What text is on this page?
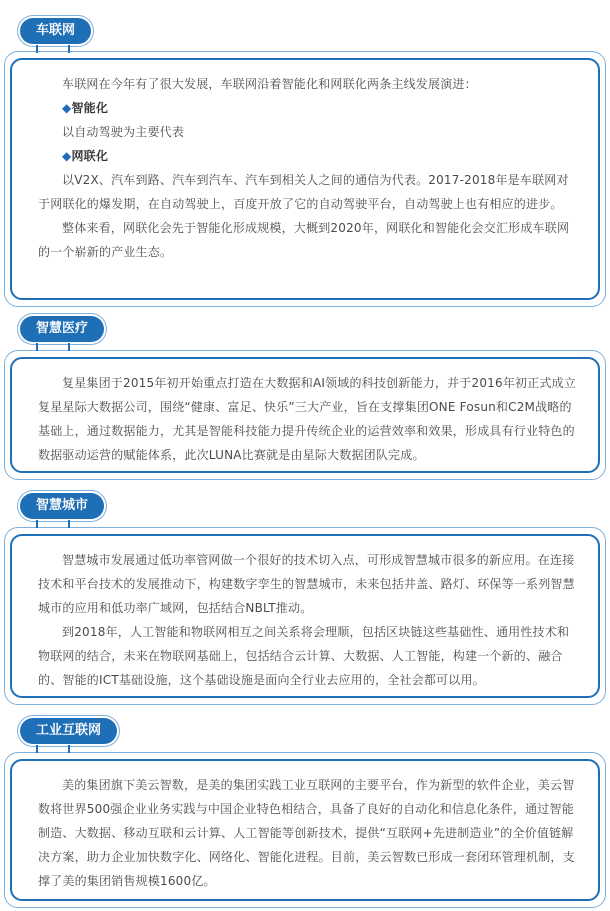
车联网

车联网在今年有了很大发展，车联网沿着智能化和网联化两条主线发展演进：

◆智能化

以自动驾驶为主要代表

◆网联化

以V2X、汽车到路、汽车到汽车、汽车到相关人之间的通信为代表。2017-2018年是车联网对于网联化的爆发期，在自动驾驶上，百度开放了它的自动驾驶平台，自动驾驶上也有相应的进步。

整体来看，网联化会先于智能化形成规模，大概到2020年，网联化和智能化会交汇形成车联网的一个崭新的产业生态。

智慧医疗

复星集团于2015年初开始重点打造在大数据和AI领域的科技创新能力，并于2016年初正式成立复星星际大数据公司，围绕“健康、富足、快乐”三大产业，旨在支撑集团ONE Fosun和C2M战略的基础上，通过数据能力，尤其是智能科技能力提升传统企业的运营效率和效果，形成具有行业特色的数据驱动运营的赋能体系，此次LUNA比赛就是由星际大数据团队完成。

智慧城市

智慧城市发展通过低功率管网做一个很好的技术切入点，可形成智慧城市很多的新应用。在连接技术和平台技术的发展推动下，构建数字孪生的智慧城市，未来包括井盖、路灯、环保等一系列智慧城市的应用和低功率广域网，包括结合NBLT推动。

到2018年，人工智能和物联网相互之间关系将会理顺，包括区块链这些基础性、通用性技术和物联网的结合，未来在物联网基础上，包括结合云计算、大数据、人工智能，构建一个新的、融合的、智能的ICT基础设施，这个基础设施是面向全行业去应用的，全社会都可以用。

工业互联网

美的集团旗下美云智数，是美的集团实践工业互联网的主要平台，作为新型的软件企业，美云智数将世界500强企业业务实践与中国企业特色相结合，具备了良好的自动化和信息化条件，通过智能制造、大数据、移动互联和云计算、人工智能等创新技术，提供“互联网+先进制造业”的全价值链解决方案，助力企业加快数字化、网络化、智能化进程。目前，美云智数已形成一套闭环管理机制，支撑了美的集团销售规模1600亿。
